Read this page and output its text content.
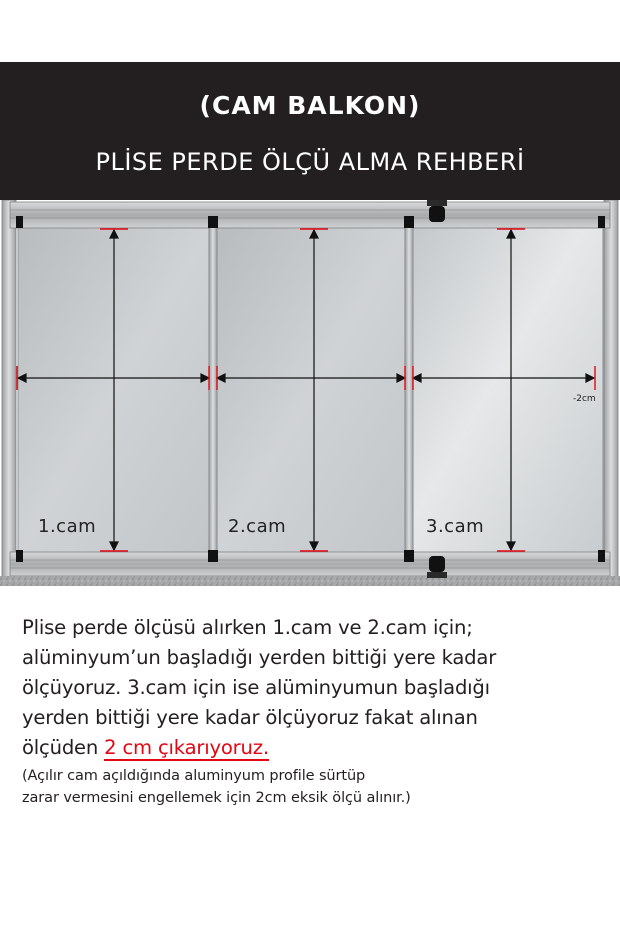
(CAM BALKON)
PLİSE PERDE ÖLÇÜ ALMA REHBERİ
1.cam	2.cam	3.cam
-2cm

Plise perde ölçüsü alırken 1.cam ve 2.cam için;

alüminyum’un başladığı yerden bittiği yere kadar

ölçüyoruz. 3.cam için ise alüminyumun başladığı

yerden bittiği yere kadar ölçüyoruz fakat alınan

ölçüden 2 cm çıkarıyoruz.

(Açılır cam açıldığında aluminyum profile sürtüp

zarar vermesini engellemek için 2cm eksik ölçü alınır.)
